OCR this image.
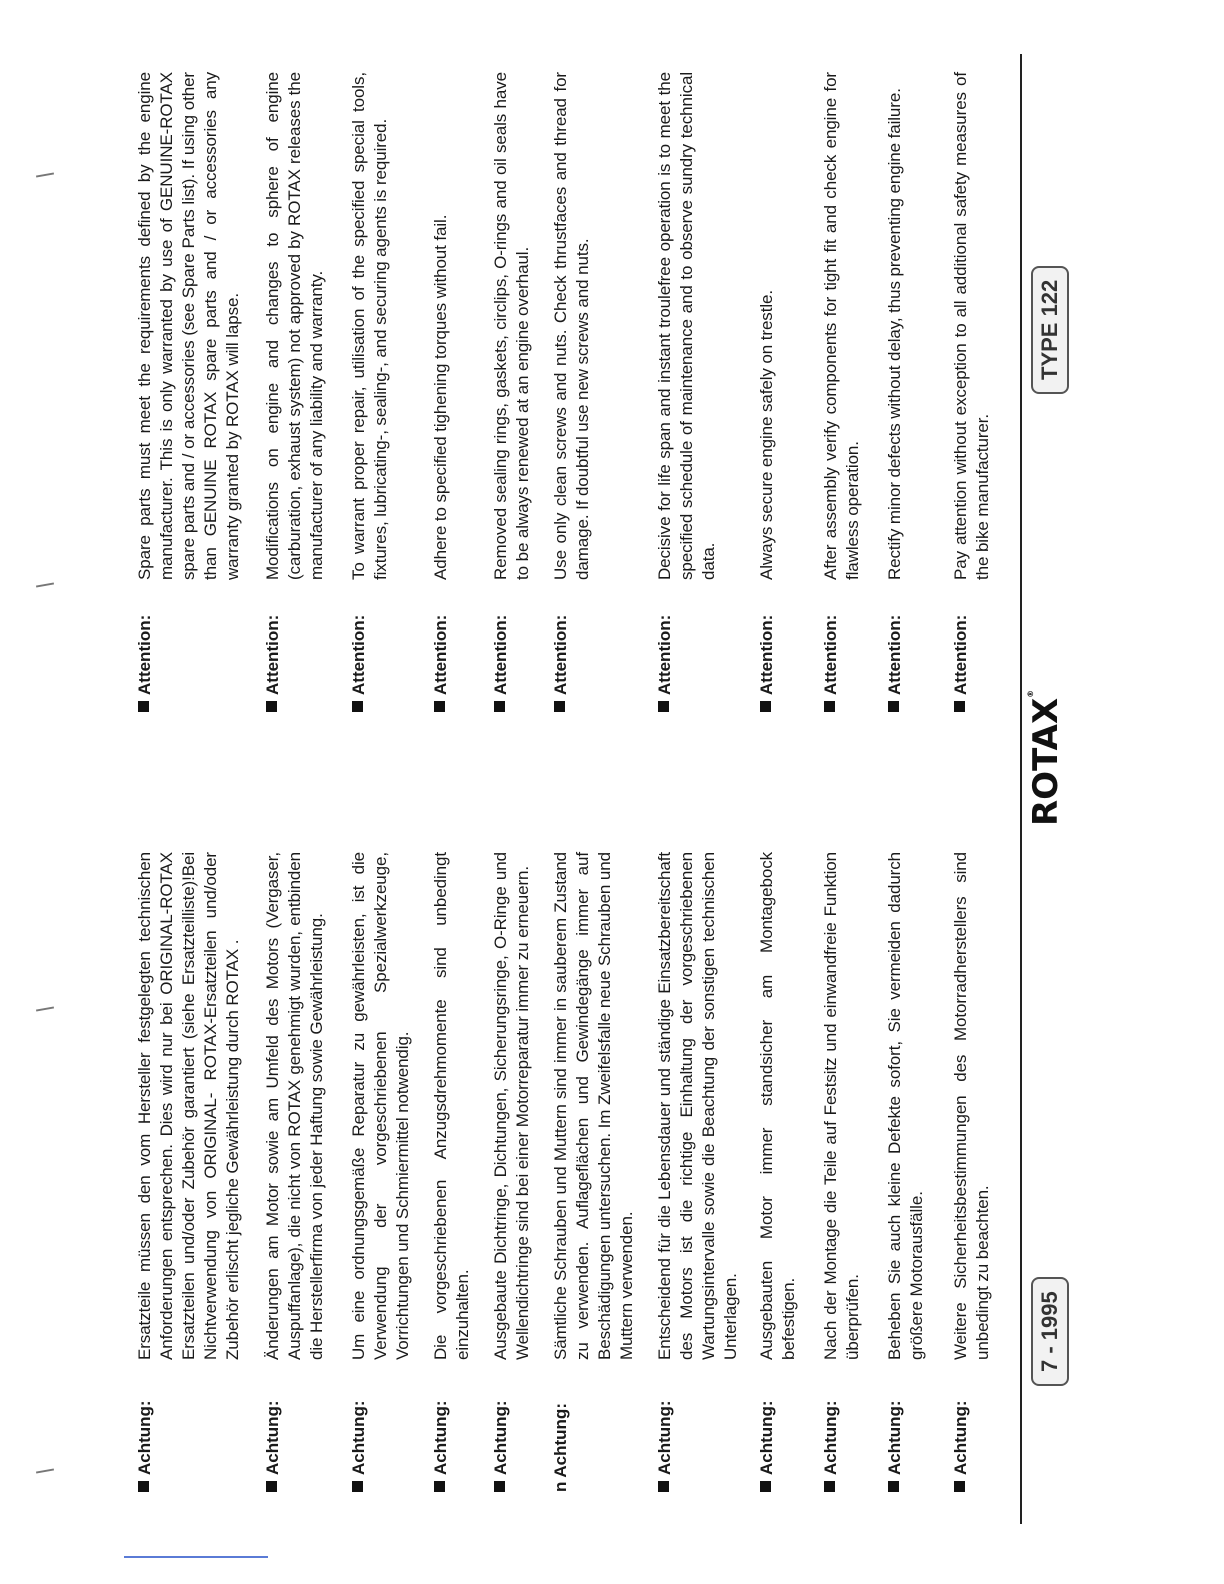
Achtung:
Ersatzteile müssen den vom Hersteller festgelegten technischen Anforderungen entsprechen. Dies wird nur bei ORIGINAL-ROTAX Ersatzteilen und/oder Zubehör garantiert (siehe Ersatzteilliste)!Bei Nichtverwendung von ORIGINAL- ROTAX-Ersatzteilen und/oder Zubehör erlischt jegliche Gewährleistung durch ROTAX .
Achtung:
Änderungen am Motor sowie am Umfeld des Motors (Vergaser, Auspuffanlage), die nicht von ROTAX genehmigt wurden, entbinden die Herstellerfirma von jeder Haftung sowie Gewährleistung.
Achtung:
Um eine ordnungsgemäße Reparatur zu gewährleisten, ist die Verwendung der vorgeschriebenen Spezialwerkzeuge, Vorrichtungen und Schmiermittel notwendig.
Achtung:
Die vorgeschriebenen Anzugsdrehmomente sind unbedingt einzuhalten.
Achtung:
Ausgebaute Dichtringe, Dichtungen, Sicherungsringe, O-Ringe und Wellendichtringe sind bei einer Motorreparatur immer zu erneuern.
nAchtung:
Sämtliche Schrauben und Muttern sind immer in sauberem Zustand zu verwenden. Auflageflächen und Gewindegänge immer auf Beschädigungen untersuchen. Im Zweifelsfalle neue Schrauben und Muttern verwenden.
Achtung:
Entscheidend für die Lebensdauer und ständige Einsatzbereitschaft des Motors ist die richtige Einhaltung der vorgeschriebenen Wartungsintervalle sowie die Beachtung der sonstigen technischen Unterlagen.
Achtung:
Ausgebauten Motor immer standsicher am Montagebock befestigen.
Achtung:
Nach der Montage die Teile auf Festsitz und einwandfreie Funktion überprüfen.
Achtung:
Beheben Sie auch kleine Defekte sofort, Sie vermeiden dadurch größere Motorausfälle.
Achtung:
Weitere Sicherheitsbestimmungen des Motorradherstellers sind unbedingt zu beachten.
Attention:
Spare parts must meet the requirements defined by the engine manufacturer. This is only warranted by use of GENUINE-ROTAX spare parts and / or accessories (see Spare Parts list). If using other than GENUINE ROTAX spare parts and / or accessories any warranty granted by ROTAX will lapse.
Attention:
Modifications on engine and changes to sphere of engine (carburation, exhaust system) not approved by ROTAX releases the manufacturer of any liability and warranty.
Attention:
To warrant proper repair, utilisation of the specified special tools, fixtures, lubricating-, sealing-, and securing agents is required.
Attention:
Adhere to specified tighening torques without fail.
Attention:
Removed sealing rings, gaskets, circlips, O-rings and oil seals have to be always renewed at an engine overhaul.
Attention:
Use only clean screws and nuts. Check thrustfaces and thread for damage. If doubtful use new screws and nuts.
Attention:
Decisive for life span and instant troulefree operation is to meet the specified schedule of maintenance and to observe sundry technical data.
Attention:
Always secure engine safely on trestle.
Attention:
After assembly verify components for tight fit and check engine for flawless operation.
Attention:
Rectify minor defects without delay, thus preventing engine failure.
Attention:
Pay attention without exception to all additional safety measures of the bike manufacturer.
7 - 1995
ROTAX®
TYPE 122
